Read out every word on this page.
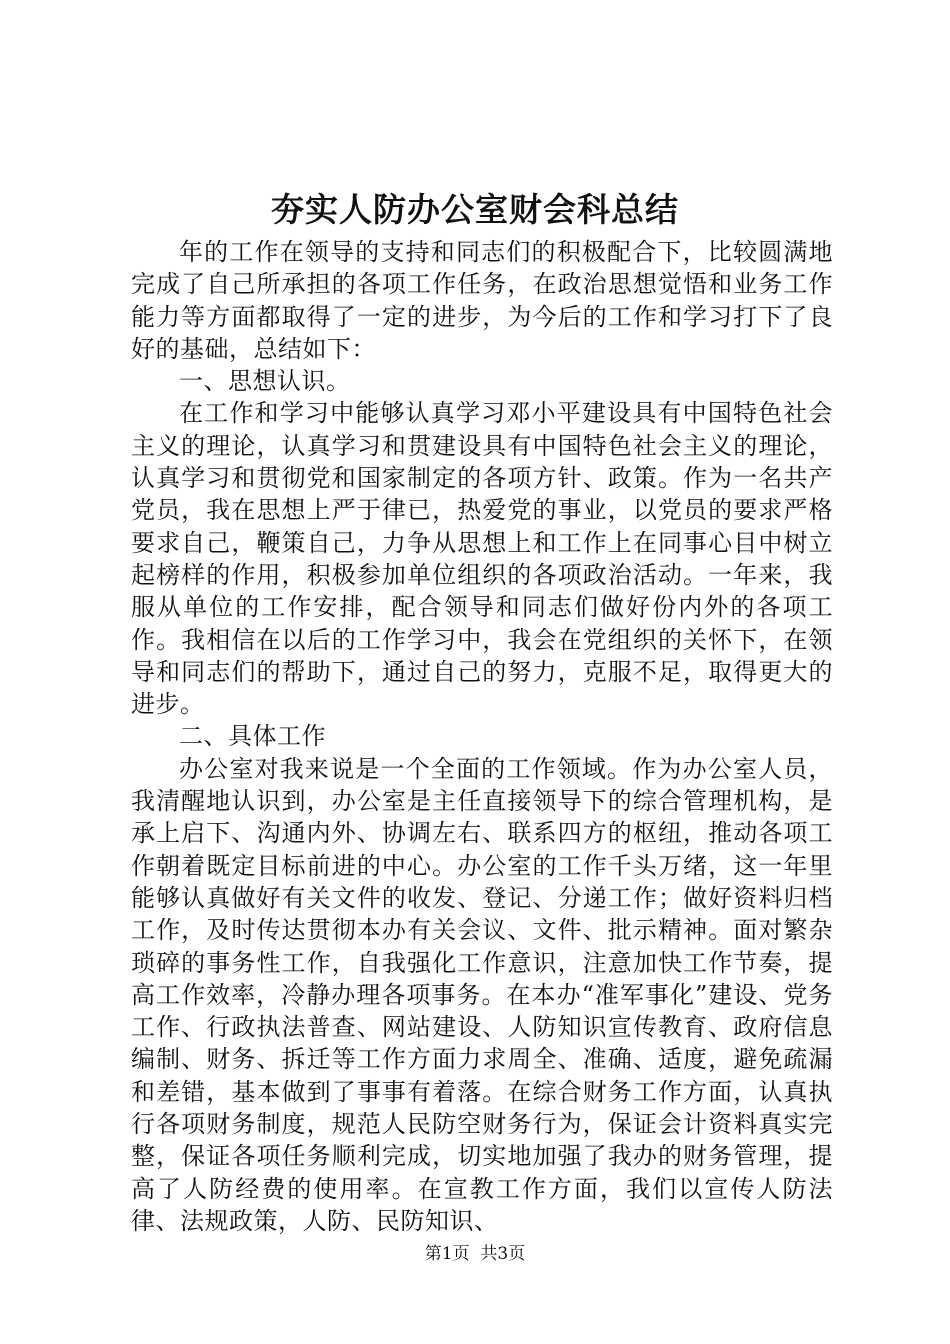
夯实人防办公室财会科总结

年的工作在领导的支持和同志们的积极配合下，比较圆满地完成了自己所承担的各项工作任务，在政治思想觉悟和业务工作能力等方面都取得了一定的进步，为今后的工作和学习打下了良好的基础，总结如下：

一、思想认识。

在工作和学习中能够认真学习邓小平建设具有中国特色社会主义的理论，认真学习和贯建设具有中国特色社会主义的理论，认真学习和贯彻党和国家制定的各项方针、政策。作为一名共产党员，我在思想上严于律已，热爱党的事业，以党员的要求严格要求自己，鞭策自己，力争从思想上和工作上在同事心目中树立起榜样的作用，积极参加单位组织的各项政治活动。一年来，我服从单位的工作安排，配合领导和同志们做好份内外的各项工作。我相信在以后的工作学习中，我会在党组织的关怀下，在领导和同志们的帮助下，通过自己的努力，克服不足，取得更大的进步。

二、具体工作

办公室对我来说是一个全面的工作领域。作为办公室人员，我清醒地认识到，办公室是主任直接领导下的综合管理机构，是承上启下、沟通内外、协调左右、联系四方的枢纽，推动各项工作朝着既定目标前进的中心。办公室的工作千头万绪，这一年里能够认真做好有关文件的收发、登记、分递工作；做好资料归档工作，及时传达贯彻本办有关会议、文件、批示精神。面对繁杂琐碎的事务性工作，自我强化工作意识，注意加快工作节奏，提高工作效率，冷静办理各项事务。在本办“准军事化”建设、党务工作、行政执法普查、网站建设、人防知识宣传教育、政府信息编制、财务、拆迁等工作方面力求周全、准确、适度，避免疏漏和差错，基本做到了事事有着落。在综合财务工作方面，认真执行各项财务制度，规范人民防空财务行为，保证会计资料真实完整，保证各项任务顺利完成，切实地加强了我办的财务管理，提高了人防经费的使用率。在宣教工作方面，我们以宣传人防法律、法规政策，人防、民防知识、

第1页 共3页
